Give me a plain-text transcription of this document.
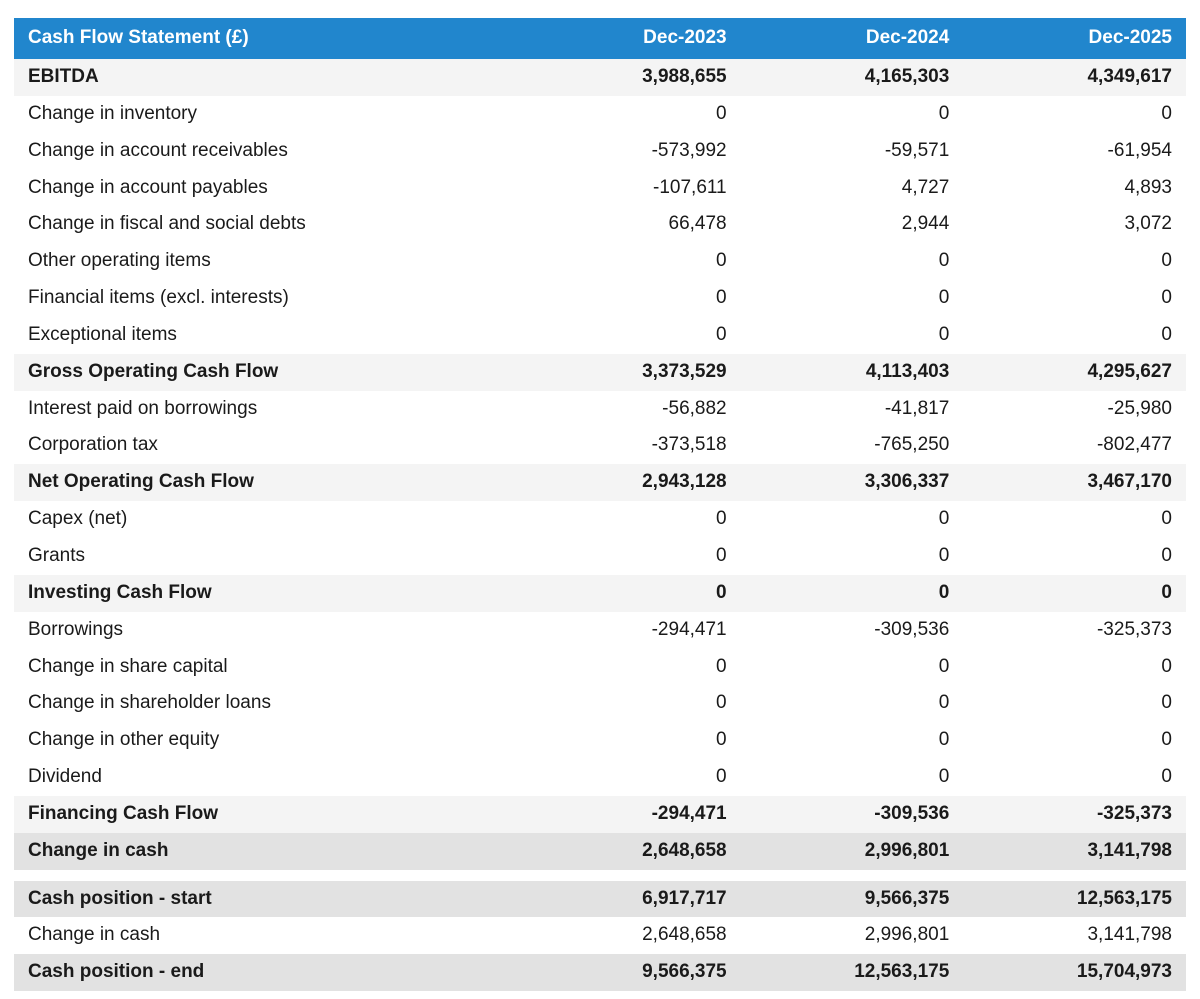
Cash Flow Statement (£)	Dec-2023	Dec-2024	Dec-2025
EBITDA	3,988,655	4,165,303	4,349,617
Change in inventory	0	0	0
Change in account receivables	-573,992	-59,571	-61,954
Change in account payables	-107,611	4,727	4,893
Change in fiscal and social debts	66,478	2,944	3,072
Other operating items	0	0	0
Financial items (excl. interests)	0	0	0
Exceptional items	0	0	0
Gross Operating Cash Flow	3,373,529	4,113,403	4,295,627
Interest paid on borrowings	-56,882	-41,817	-25,980
Corporation tax	-373,518	-765,250	-802,477
Net Operating Cash Flow	2,943,128	3,306,337	3,467,170
Capex (net)	0	0	0
Grants	0	0	0
Investing Cash Flow	0	0	0
Borrowings	-294,471	-309,536	-325,373
Change in share capital	0	0	0
Change in shareholder loans	0	0	0
Change in other equity	0	0	0
Dividend	0	0	0
Financing Cash Flow	-294,471	-309,536	-325,373
Change in cash	2,648,658	2,996,801	3,141,798

Cash position - start	6,917,717	9,566,375	12,563,175
Change in cash	2,648,658	2,996,801	3,141,798
Cash position - end	9,566,375	12,563,175	15,704,973
